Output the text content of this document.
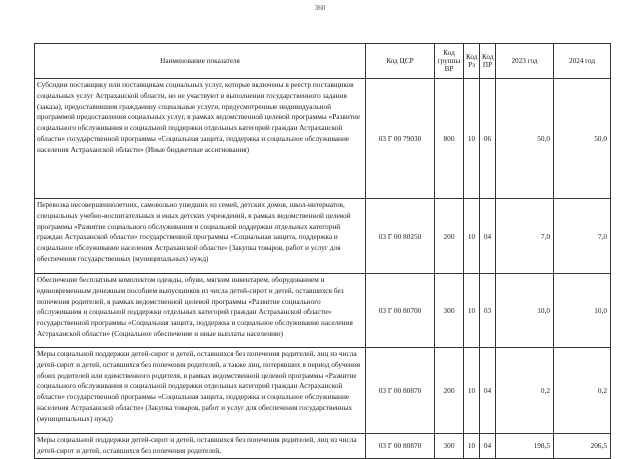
360
Наименование показателя	Код ЦСР	Код группы ВР	Код Рз	Код ПР	2023 год	2024 год
Субсидии поставщику или поставщикам социальных услуг, которые включены в реестр поставщиков социальных услуг Астраханской области, но не участвуют в выполнении государственного задания (заказа), предоставившим гражданину социальные услуги, предусмотренные индивидуальной программой предоставления социальных услуг, в рамках ведомственной целевой программы «Развитие социального обслуживания и социальной поддержки отдельных категорий граждан Астраханской области» государственной программы «Социальная защита, поддержка и социальное обслуживание населения Астраханской области» (Иные бюджетные ассигнования)	03 Г 00 79030	800	10	06	50,0	50,0
Перевозка несовершеннолетних, самовольно ушедших из семей, детских домов, школ-интернатов, специальных учебно-воспитательных и иных детских учреждений, в рамках ведомственной целевой программы «Развитие социального обслуживания и социальной поддержки отдельных категорий граждан Астраханской области» государственной программы «Социальная защита, поддержка и социальное обслуживание населения Астраханской области» (Закупка товаров, работ и услуг для обеспечения государственных (муниципальных) нужд)	03 Г 00 80250	200	10	04	7,0	7,0
Обеспечение бесплатным комплектом одежды, обуви, мягким инвентарем, оборудованием и единовременным денежным пособием выпускников из числа детей-сирот и детей, оставшихся без попечения родителей, в рамках ведомственной целевой программы «Развитие социального обслуживания и социальной поддержки отдельных категорий граждан Астраханской области» государственной программы «Социальная защита, поддержка и социальное обслуживание населения Астраханской области» (Социальное обеспечение и иные выплаты населению)	03 Г 00 80700	300	10	03	10,0	10,0
Меры социальной поддержки детей-сирот и детей, оставшихся без попечения родителей, лиц из числа детей-сирот и детей, оставшихся без попечения родителей, а также лиц, потерявших в период обучения обоих родителей или единственного родителя, в рамках ведомственной целевой программы «Развитие социального обслуживания и социальной поддержки отдельных категорий граждан Астраханской области» государственной программы «Социальная защита, поддержка и социальное обслуживание населения Астраханской области» (Закупка товаров, работ и услуг для обеспечения государственных (муниципальных) нужд)	03 Г 00 80870	200	10	04	0,2	0,2
Меры социальной поддержки детей-сирот и детей, оставшихся без попечения родителей, лиц из числа детей-сирот и детей, оставшихся без попечения родителей,	03 Г 00 80870	300	10	04	198,5	206,5
